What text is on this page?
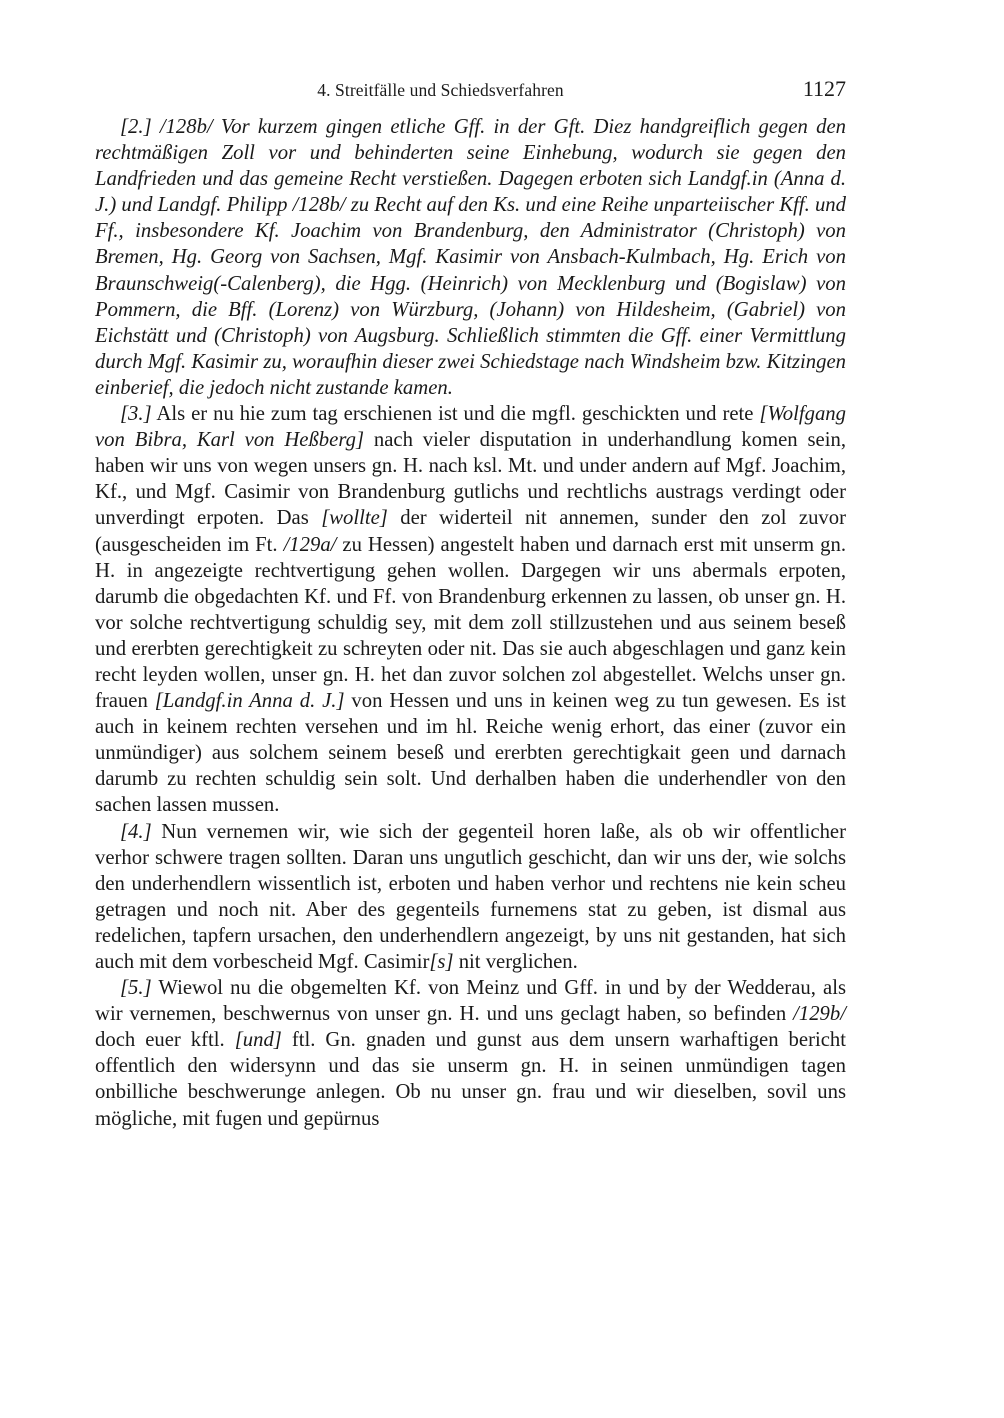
4. Streitfälle und Schiedsverfahren	1127

[2.] /128b/ Vor kurzem gingen etliche Gff. in der Gft. Diez handgreiflich gegen den rechtmäßigen Zoll vor und behinderten seine Einhebung, wodurch sie gegen den Landfrieden und das gemeine Recht verstießen. Dagegen erboten sich Landgf.in (Anna d. J.) und Landgf. Philipp /128b/ zu Recht auf den Ks. und eine Reihe unparteiischer Kff. und Ff., insbesondere Kf. Joachim von Brandenburg, den Administrator (Christoph) von Bremen, Hg. Georg von Sachsen, Mgf. Kasimir von Ansbach-Kulmbach, Hg. Erich von Braunschweig(-Calenberg), die Hgg. (Heinrich) von Mecklenburg und (Bogislaw) von Pommern, die Bff. (Lorenz) von Würzburg, (Johann) von Hildesheim, (Gabriel) von Eichstätt und (Christoph) von Augsburg. Schließlich stimmten die Gff. einer Vermittlung durch Mgf. Kasimir zu, woraufhin dieser zwei Schiedstage nach Windsheim bzw. Kitzingen einberief, die jedoch nicht zustande kamen.

[3.] Als er nu hie zum tag erschienen ist und die mgfl. geschickten und rete [Wolfgang von Bibra, Karl von Heßberg] nach vieler disputation in underhandlung komen sein, haben wir uns von wegen unsers gn. H. nach ksl. Mt. und under andern auf Mgf. Joachim, Kf., und Mgf. Casimir von Brandenburg gutlichs und rechtlichs austrags verdingt oder unverdingt erpoten. Das [wollte] der widerteil nit annemen, sunder den zol zuvor (ausgescheiden im Ft. /129a/ zu Hessen) angestelt haben und darnach erst mit unserm gn. H. in angezeigte rechtvertigung gehen wollen. Dargegen wir uns abermals erpoten, darumb die obgedachten Kf. und Ff. von Brandenburg erkennen zu lassen, ob unser gn. H. vor solche rechtvertigung schuldig sey, mit dem zoll stillzustehen und aus seinem beseß und ererbten gerechtigkeit zu schreyten oder nit. Das sie auch abgeschlagen und ganz kein recht leyden wollen, unser gn. H. het dan zuvor solchen zol abgestellet. Welchs unser gn. frauen [Landgf.in Anna d. J.] von Hessen und uns in keinen weg zu tun gewesen. Es ist auch in keinem rechten versehen und im hl. Reiche wenig erhort, das einer (zuvor ein unmündiger) aus solchem seinem beseß und ererbten gerechtigkait geen und darnach darumb zu rechten schuldig sein solt. Und derhalben haben die underhendler von den sachen lassen mussen.

[4.] Nun vernemen wir, wie sich der gegenteil horen laße, als ob wir offentlicher verhor schwere tragen sollten. Daran uns ungutlich geschicht, dan wir uns der, wie solchs den underhendlern wissentlich ist, erboten und haben verhor und rechtens nie kein scheu getragen und noch nit. Aber des gegenteils furnemens stat zu geben, ist dismal aus redelichen, tapfern ursachen, den underhendlern angezeigt, by uns nit gestanden, hat sich auch mit dem vorbescheid Mgf. Casimir[s] nit verglichen.

[5.] Wiewol nu die obgemelten Kf. von Meinz und Gff. in und by der Wedderau, als wir vernemen, beschwernus von unser gn. H. und uns geclagt haben, so befinden /129b/ doch euer kftl. [und] ftl. Gn. gnaden und gunst aus dem unsern warhaftigen bericht offentlich den widersynn und das sie unserm gn. H. in seinen unmündigen tagen onbilliche beschwerunge anlegen. Ob nu unser gn. frau und wir dieselben, sovil uns mögliche, mit fugen und gepürnus
